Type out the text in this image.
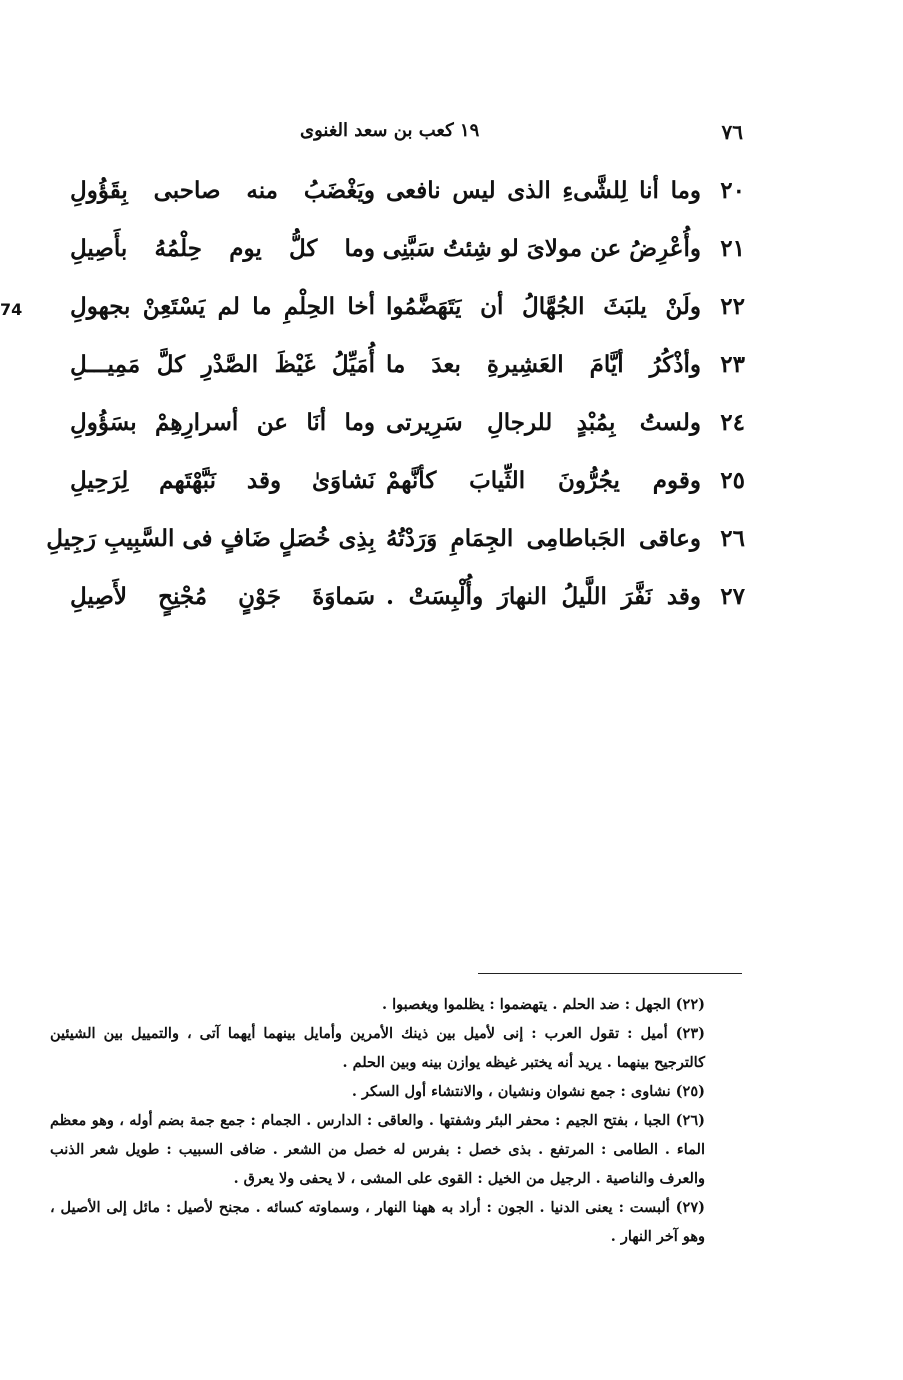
٧٦
١٩ كعب بن سعد الغنوى
74
٢٠
وما أنا لِلشَّىءِ الذى ليس نافعى
ويَغْضَبُ منه صاحبى بِقَؤُولِ
٢١
وأُعْرِضُ عن مولاىَ لو شِئتُ سَبَّنِى
وما كلُّ يوم حِلْمُهُ بأَصِيلِ
٢٢
ولَنْ يلبَثَ الجُهَّالُ أن يَتَهَضَّمُوا
أخا الحِلْمِ ما لم يَسْتَعِنْ بجهولِ
٢٣
وأذْكُرُ أيَّامَ العَشِيرةِ بعدَ ما
أُمَيِّلُ غَيْظَ الصَّدْرِ كلَّ مَمِيـــلِ
٢٤
ولستُ بِمُبْدٍ للرجالِ سَرِيرتى
وما أنَا عن أسرارِهِمْ بسَؤُولِ
٢٥
وقوم يجُرُّونَ الثِّيابَ كأنَّهمْ
نَشاوَىٰ وقد نَبَّهْتَهم لِرَحِيلِ
٢٦
وعاقى الجَباطامِى الجِمَامِ وَرَدْتُهُ
بِذِى خُصَلٍ ضَافٍ فى السَّبِيبِ رَجِيلِ
٢٧
وقد نَفَّرَ اللَّيلُ النهارَ وأُلْبِسَتْ .
سَماوَةَ جَوْنٍ مُجْنِحٍ لأَصِيلِ

(٢٢) الجهل : ضد الحلم . يتهضموا : يظلموا ويغصبوا .

(٢٣) أميل : تقول العرب : إنى لأميل بين ذينك الأمرين وأمايل بينهما أيهما آتى ، والتمييل بين الشيئين كالترجيح بينهما . يريد أنه يختبر غيظه يوازن بينه وبين الحلم .

(٢٥) نشاوى : جمع نشوان ونشيان ، والانتشاء أول السكر .

(٢٦) الجبا ، بفتح الجيم : محفر البئر وشفتها . والعاقى : الدارس . الجمام : جمع جمة بضم أوله ، وهو معظم الماء . الطامى : المرتفع . بذى خصل : بفرس له خصل من الشعر . ضافى السبيب : طويل شعر الذنب والعرف والناصية . الرجيل من الخيل : القوى على المشى ، لا يحفى ولا يعرق .

(٢٧) ألبست : يعنى الدنيا . الجون : أراد به ههنا النهار ، وسماوته كسائه . مجنح لأصيل : مائل إلى الأصيل ، وهو آخر النهار .
